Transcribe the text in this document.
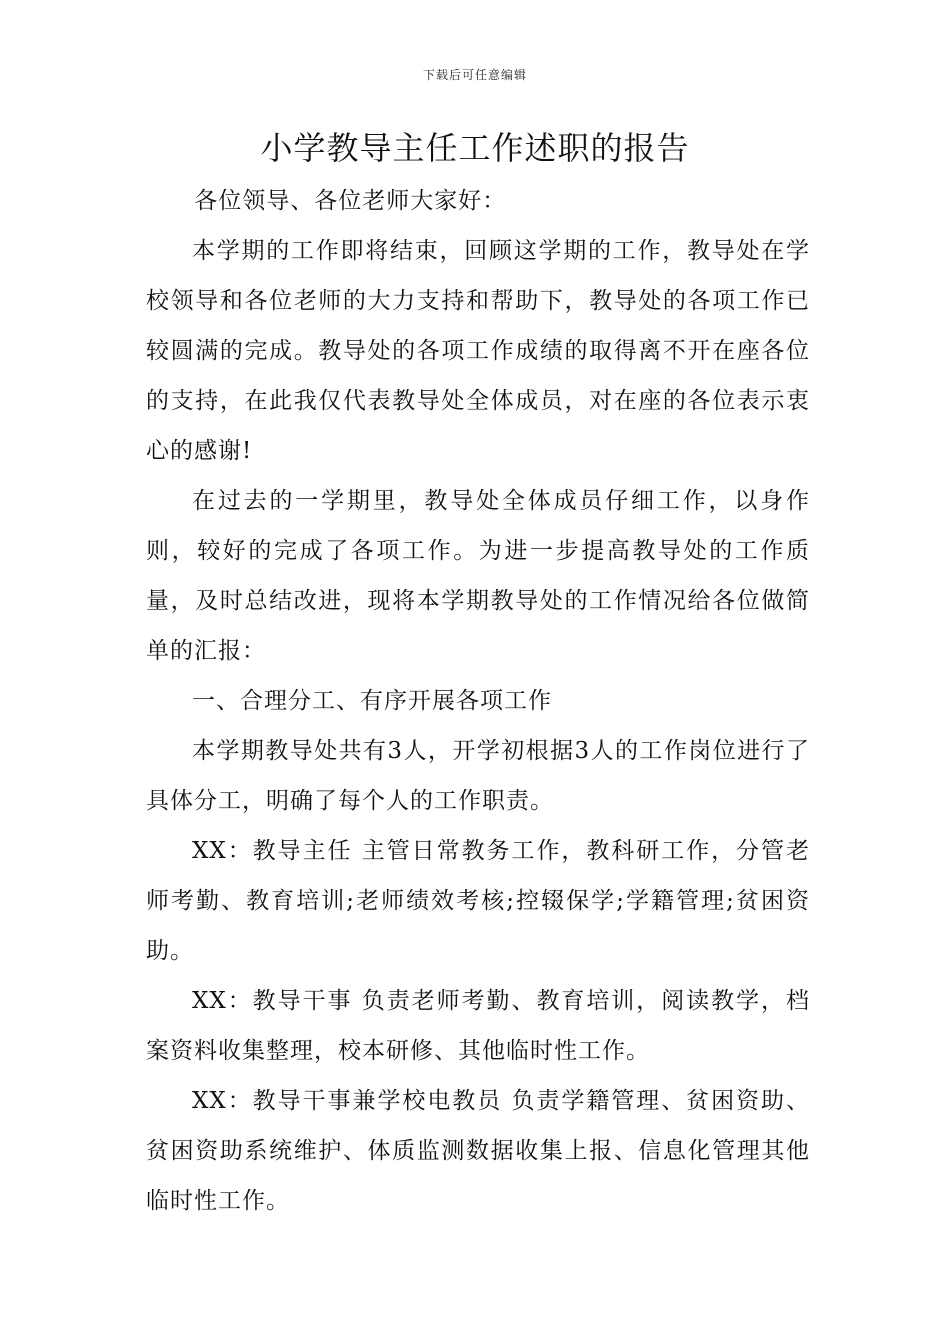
下载后可任意编辑
小学教导主任工作述职的报告

各位领导、各位老师大家好：

本学期的工作即将结束，回顾这学期的工作，教导处在学校领导和各位老师的大力支持和帮助下，教导处的各项工作已较圆满的完成。教导处的各项工作成绩的取得离不开在座各位的支持，在此我仅代表教导处全体成员，对在座的各位表示衷心的感谢!

在过去的一学期里，教导处全体成员仔细工作，以身作则，较好的完成了各项工作。为进一步提高教导处的工作质量，及时总结改进，现将本学期教导处的工作情况给各位做简单的汇报：

一、合理分工、有序开展各项工作

本学期教导处共有3人，开学初根据3人的工作岗位进行了具体分工，明确了每个人的工作职责。

XX：教导主任 主管日常教务工作，教科研工作，分管老师考勤、教育培训;老师绩效考核;控辍保学;学籍管理;贫困资助。

XX：教导干事 负责老师考勤、教育培训，阅读教学，档案资料收集整理，校本研修、其他临时性工作。

XX：教导干事兼学校电教员 负责学籍管理、贫困资助、贫困资助系统维护、体质监测数据收集上报、信息化管理其他临时性工作。
